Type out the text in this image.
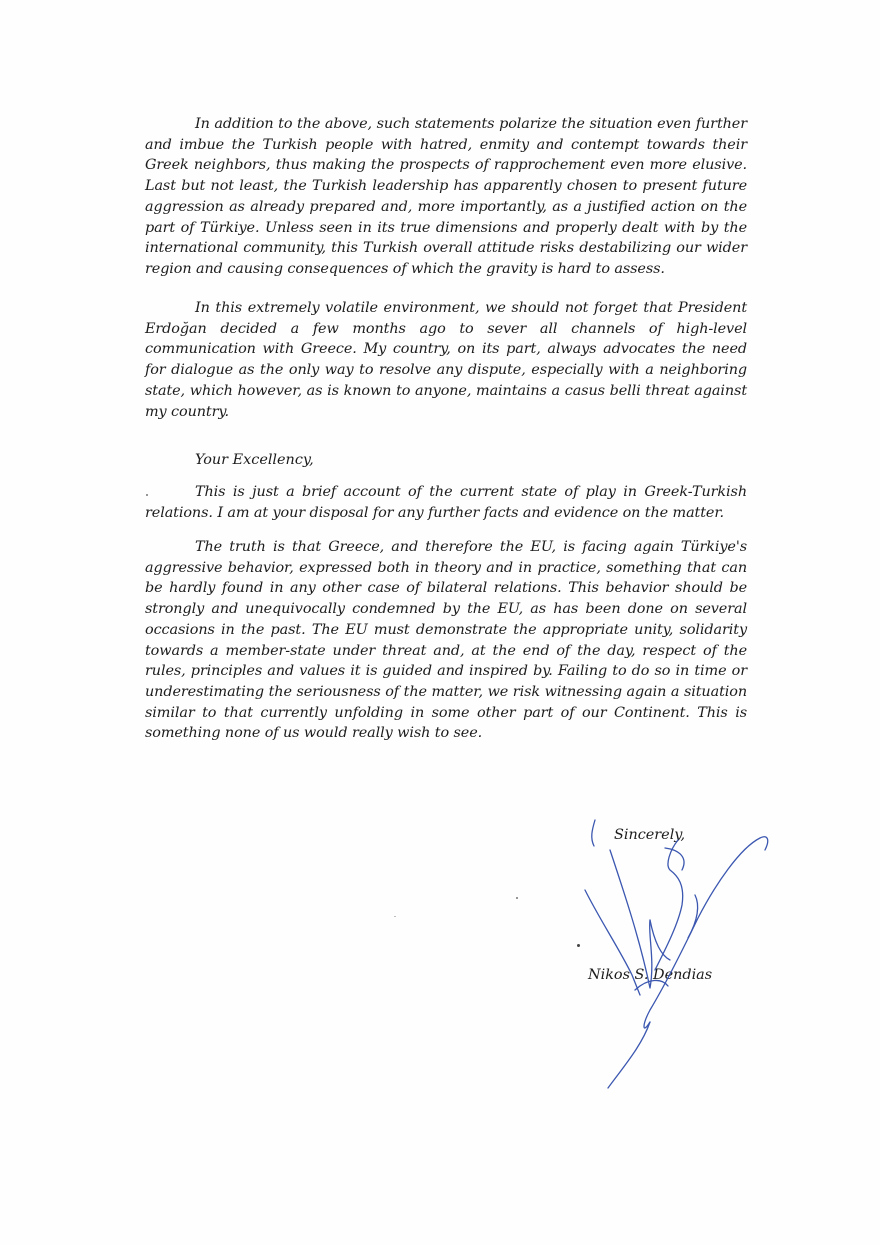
In addition to the above, such statements polarize the situation even further and imbue the Turkish people with hatred, enmity and contempt towards their Greek neighbors, thus making the prospects of rapprochement even more elusive. Last but not least, the Turkish leadership has apparently chosen to present future aggression as already prepared and, more importantly, as a justified action on the part of Türkiye. Unless seen in its true dimensions and properly dealt with by the international community, this Turkish overall attitude risks destabilizing our wider region and causing consequences of which the gravity is hard to assess.

In this extremely volatile environment, we should not forget that President Erdoğan decided a few months ago to sever all channels of high-level communication with Greece. My country, on its part, always advocates the need for dialogue as the only way to resolve any dispute, especially with a neighboring state, which however, as is known to anyone, maintains a casus belli threat against my country.

Your Excellency,

This is just a brief account of the current state of play in Greek-Turkish relations. I am at your disposal for any further facts and evidence on the matter.

The truth is that Greece, and therefore the EU, is facing again Türkiye's aggressive behavior, expressed both in theory and in practice, something that can be hardly found in any other case of bilateral relations. This behavior should be strongly and unequivocally condemned by the EU, as has been done on several occasions in the past. The EU must demonstrate the appropriate unity, solidarity towards a member-state under threat and, at the end of the day, respect of the rules, principles and values it is guided and inspired by. Failing to do so in time or underestimating the seriousness of the matter, we risk witnessing again a situation similar to that currently unfolding in some other part of our Continent. This is something none of us would really wish to see.

Sincerely,
Nikos S. Dendias
